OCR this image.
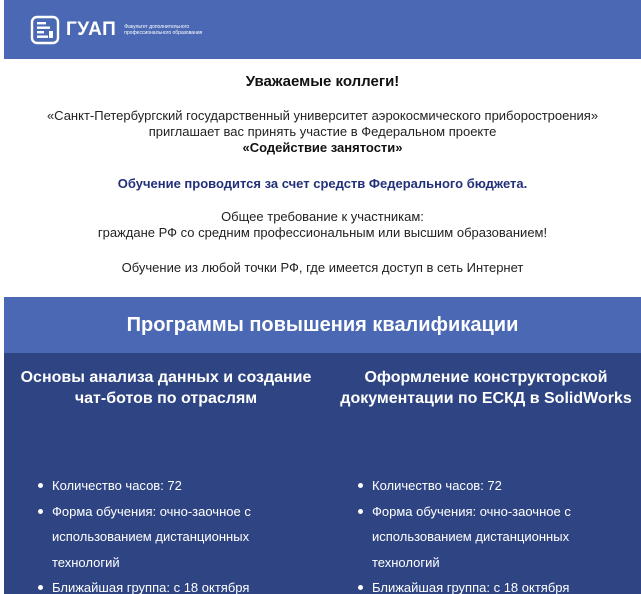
ГУАП Факультет дополнительного профессионального образования
Уважаемые коллеги!
«Санкт-Петербургский государственный университет аэрокосмического приборостроения» приглашает вас принять участие в Федеральном проекте
«Содействие занятости»
Обучение проводится за счет средств Федерального бюджета.
Общее требование к участникам:
граждане РФ со средним профессиональным или высшим образованием!
Обучение из любой точки РФ, где имеется доступ в сеть Интернет
Программы повышения квалификации
Основы анализа данных и создание чат-ботов по отраслям
Количество часов: 72
Форма обучения: очно-заочное с использованием дистанционных технологий
Ближайшая группа: с 18 октября
Оформление конструкторской документации по ЕСКД в SolidWorks
Количество часов: 72
Форма обучения: очно-заочное с использованием дистанционных технологий
Ближайшая группа: с 18 октября
